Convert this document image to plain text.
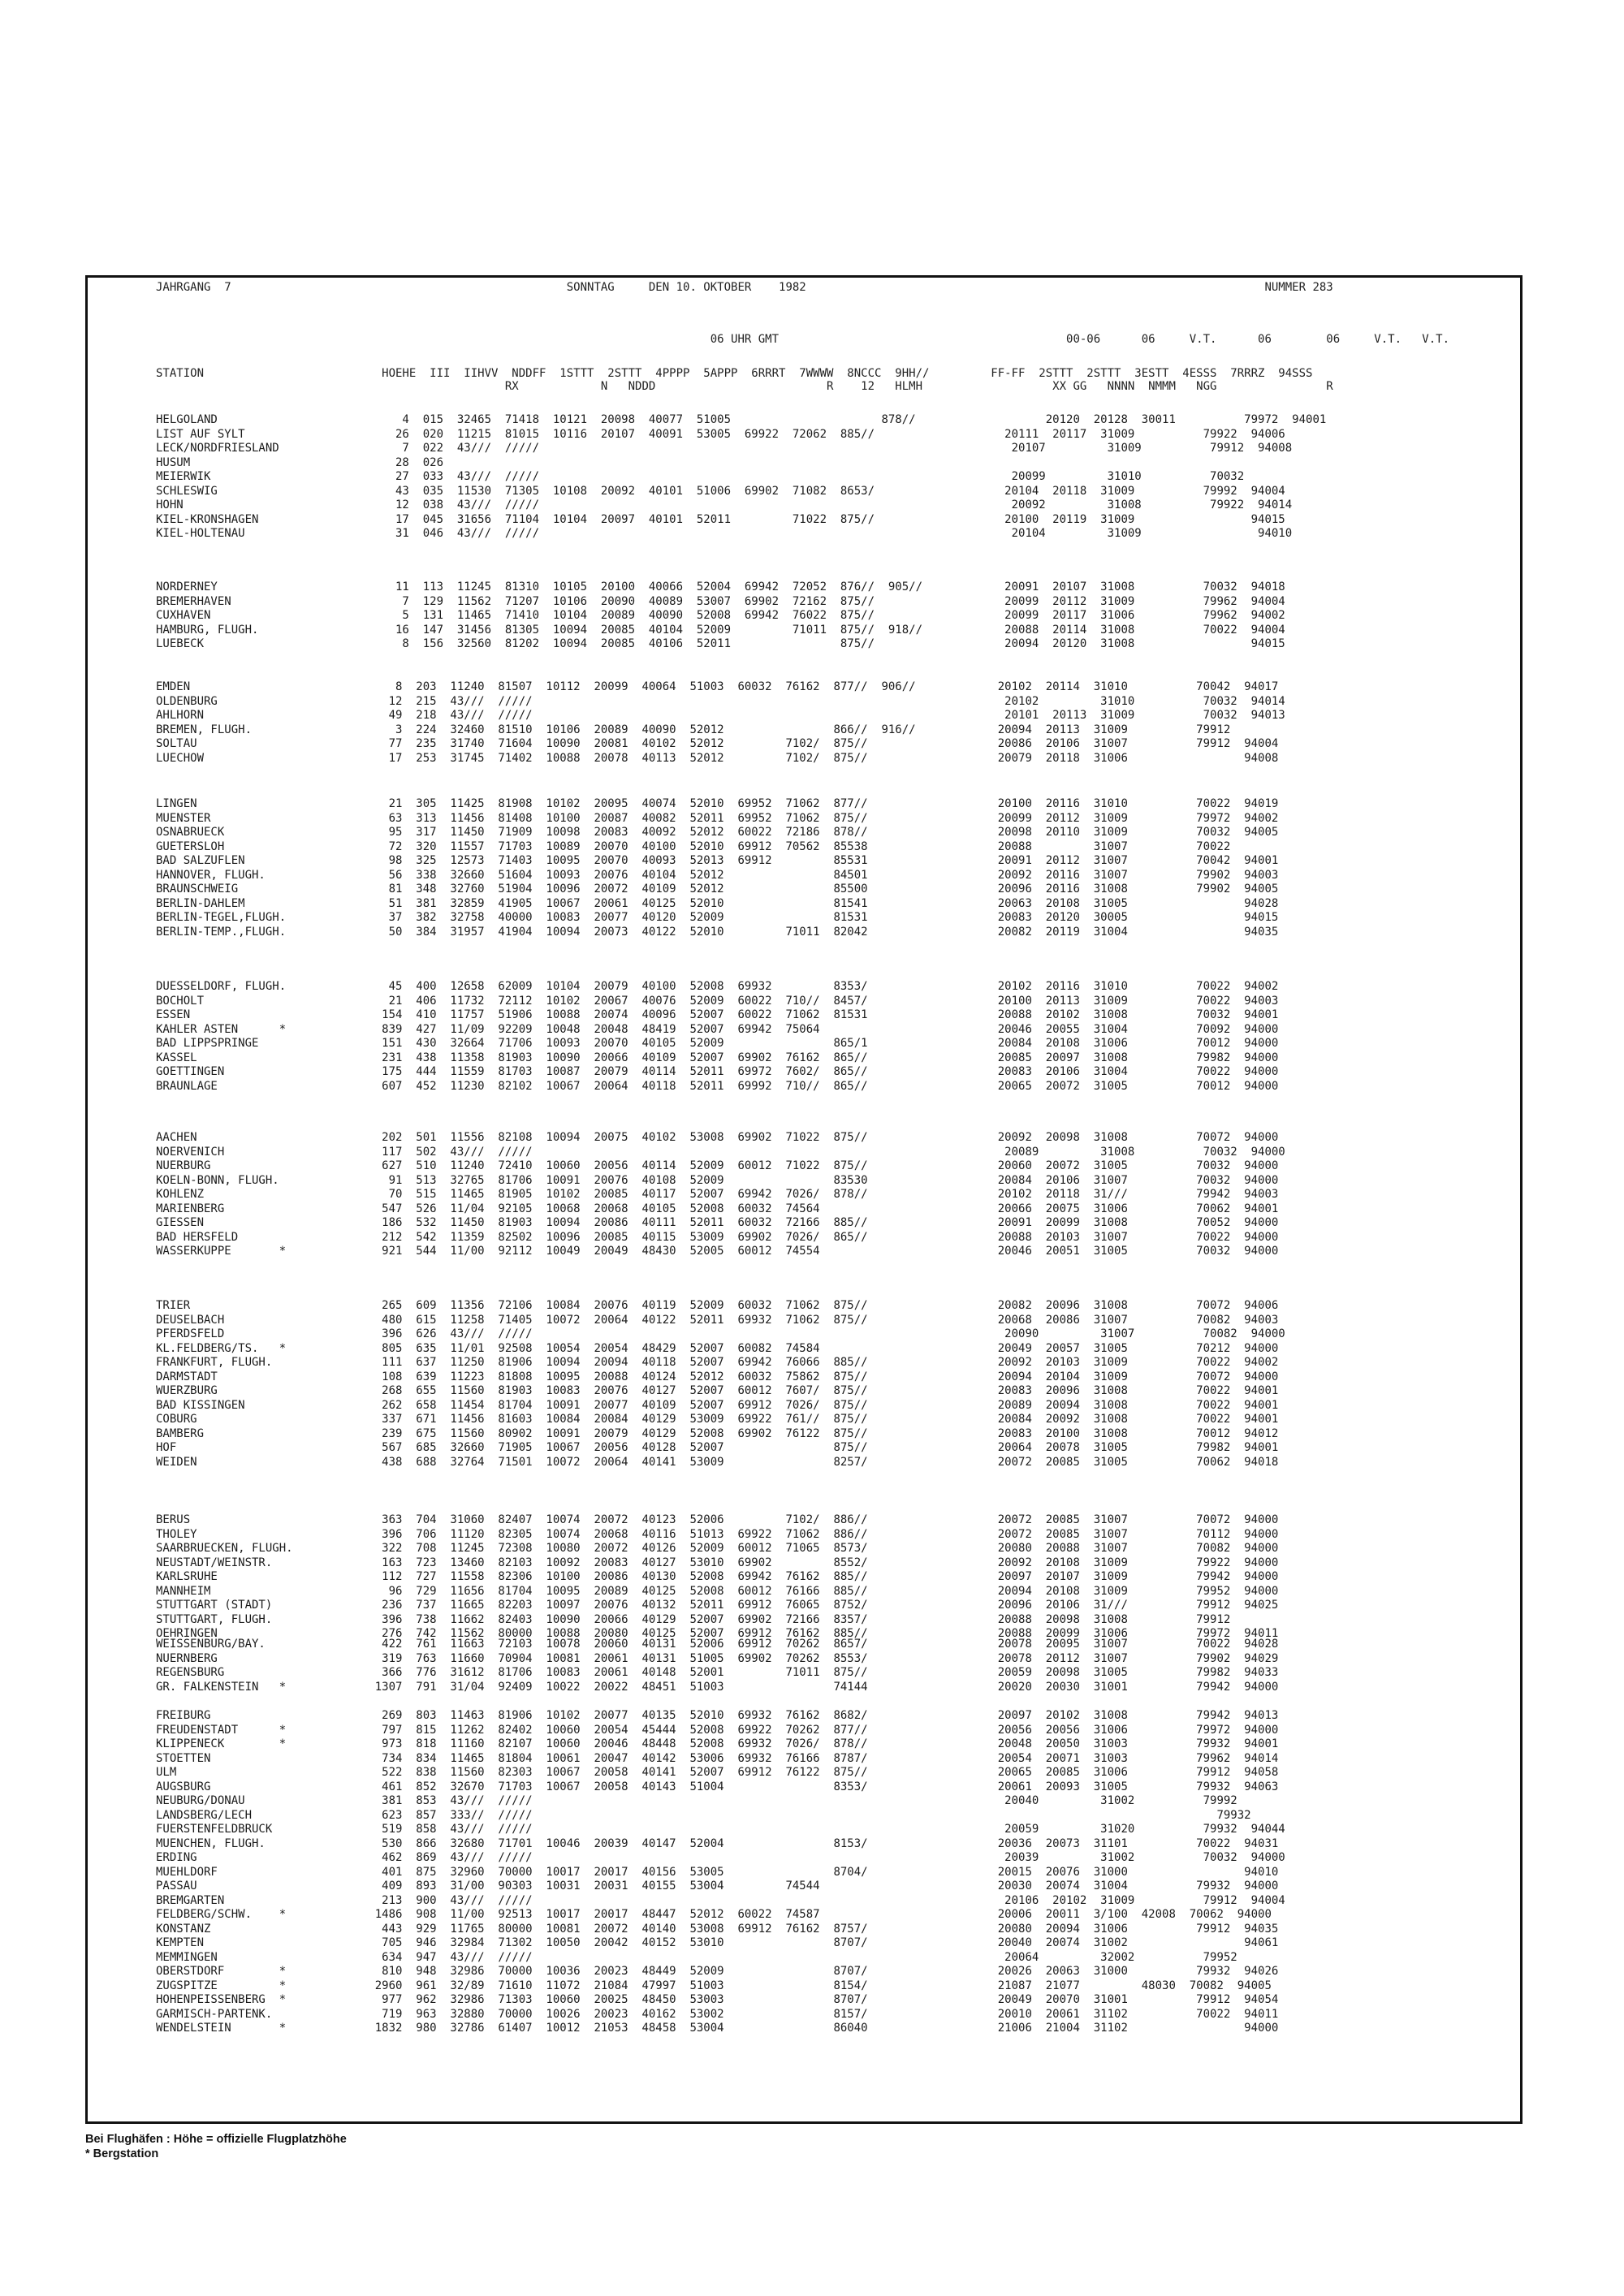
JAHRGANG  7                                                 SONNTAG     DEN 10. OKTOBER    1982                                                                   NUMMER 283
06 UHR GMT                                          00-06      06     V.T.      06        06     V.T.   V.T.
STATION                          HOEHE  III  IIHVV  NDDFF  1STTT  2STTT  4PPPP  5APPP  6RRRT  7WWWW  8NCCC  9HH//         FF-FF  2STTT  2STTT  3ESTT  4ESSS  7RRRZ  94SSS
RX            N   NDDD                         R    12   HLMH                   XX GG   NNNN  NMMM   NGG                R
HELGOLAND                           4  015  32465  71418  10121  20098  40077  51005                      878//                   20120  20128  30011          79972  94001
LIST AUF SYLT                      26  020  11215  81015  10116  20107  40091  53005  69922  72062  885//                   20111  20117  31009          79922  94006
LECK/NORDFRIESLAND                  7  022  43///  /////                                                                     20107         31009          79912  94008
HUSUM                              28  026
MEIERWIK                           27  033  43///  /////                                                                     20099         31010          70032
SCHLESWIG                          43  035  11530  71305  10108  20092  40101  51006  69902  71082  8653/                   20104  20118  31009          79992  94004
HOHN                               12  038  43///  /////                                                                     20092         31008          79922  94014
KIEL-KRONSHAGEN                    17  045  31656  71104  10104  20097  40101  52011         71022  875//                   20100  20119  31009                 94015
KIEL-HOLTENAU                      31  046  43///  /////                                                                     20104         31009                 94010
NORDERNEY                          11  113  11245  81310  10105  20100  40066  52004  69942  72052  876//  905//            20091  20107  31008          70032  94018
BREMERHAVEN                         7  129  11562  71207  10106  20090  40089  53007  69902  72162  875//                   20099  20112  31009          79962  94004
CUXHAVEN                            5  131  11465  71410  10104  20089  40090  52008  69942  76022  875//                   20099  20117  31006          79962  94002
HAMBURG, FLUGH.                    16  147  31456  81305  10094  20085  40104  52009         71011  875//  918//            20088  20114  31008          70022  94004
LUEBECK                             8  156  32560  81202  10094  20085  40106  52011                875//                   20094  20120  31008                 94015
EMDEN                              8  203  11240  81507  10112  20099  40064  51003  60032  76162  877//  906//            20102  20114  31010          70042  94017
OLDENBURG                         12  215  43///  /////                                                                     20102         31010          70032  94014
AHLHORN                           49  218  43///  /////                                                                     20101  20113  31009          70032  94013
BREMEN, FLUGH.                     3  224  32460  81510  10106  20089  40090  52012                866//  916//            20094  20113  31009          79912
SOLTAU                            77  235  31740  71604  10090  20081  40102  52012         7102/  875//                   20086  20106  31007          79912  94004
LUECHOW                           17  253  31745  71402  10088  20078  40113  52012         7102/  875//                   20079  20118  31006                 94008
LINGEN                            21  305  11425  81908  10102  20095  40074  52010  69952  71062  877//                   20100  20116  31010          70022  94019
MUENSTER                          63  313  11456  81408  10100  20087  40082  52011  69952  71062  875//                   20099  20112  31009          79972  94002
OSNABRUECK                        95  317  11450  71909  10098  20083  40092  52012  60022  72186  878//                   20098  20110  31009          70032  94005
GUETERSLOH                        72  320  11557  71703  10089  20070  40100  52010  69912  70562  85538                   20088         31007          70022
BAD SALZUFLEN                     98  325  12573  71403  10095  20070  40093  52013  69912         85531                   20091  20112  31007          70042  94001
HANNOVER, FLUGH.                  56  338  32660  51604  10093  20076  40104  52012                84501                   20092  20116  31007          79902  94003
BRAUNSCHWEIG                      81  348  32760  51904  10096  20072  40109  52012                85500                   20096  20116  31008          79902  94005
BERLIN-DAHLEM                     51  381  32859  41905  10067  20061  40125  52010                81541                   20063  20108  31005                 94028
BERLIN-TEGEL,FLUGH.               37  382  32758  40000  10083  20077  40120  52009                81531                   20083  20120  30005                 94015
BERLIN-TEMP.,FLUGH.               50  384  31957  41904  10094  20073  40122  52010         71011  82042                   20082  20119  31004                 94035
DUESSELDORF, FLUGH.               45  400  12658  62009  10104  20079  40100  52008  69932         8353/                   20102  20116  31010          70022  94002
BOCHOLT                           21  406  11732  72112  10102  20067  40076  52009  60022  710//  8457/                   20100  20113  31009          70022  94003
ESSEN                            154  410  11757  51906  10088  20074  40096  52007  60022  71062  81531                   20088  20102  31008          70032  94001
KAHLER ASTEN      *              839  427  11/09  92209  10048  20048  48419  52007  69942  75064                          20046  20055  31004          70092  94000
BAD LIPPSPRINGE                  151  430  32664  71706  10093  20070  40105  52009                865/1                   20084  20108  31006          70012  94000
KASSEL                           231  438  11358  81903  10090  20066  40109  52007  69902  76162  865//                   20085  20097  31008          79982  94000
GOETTINGEN                       175  444  11559  81703  10087  20079  40114  52011  69972  7602/  865//                   20083  20106  31004          70022  94000
BRAUNLAGE                        607  452  11230  82102  10067  20064  40118  52011  69992  710//  865//                   20065  20072  31005          70012  94000
AACHEN                           202  501  11556  82108  10094  20075  40102  53008  69902  71022  875//                   20092  20098  31008          70072  94000
NOERVENICH                       117  502  43///  /////                                                                     20089         31008          70032  94000
NUERBURG                         627  510  11240  72410  10060  20056  40114  52009  60012  71022  875//                   20060  20072  31005          70032  94000
KOELN-BONN, FLUGH.                91  513  32765  81706  10091  20076  40108  52009                83530                   20084  20106  31007          70032  94000
KOHLENZ                           70  515  11465  81905  10102  20085  40117  52007  69942  7026/  878//                   20102  20118  31///          79942  94003
MARIENBERG                       547  526  11/04  92105  10068  20068  40105  52008  60032  74564                          20066  20075  31006          70062  94001
GIESSEN                          186  532  11450  81903  10094  20086  40111  52011  60032  72166  885//                   20091  20099  31008          70052  94000
BAD HERSFELD                     212  542  11359  82502  10096  20085  40115  53009  69902  7026/  865//                   20088  20103  31007          70022  94000
WASSERKUPPE       *              921  544  11/00  92112  10049  20049  48430  52005  60012  74554                          20046  20051  31005          70032  94000
TRIER                            265  609  11356  72106  10084  20076  40119  52009  60032  71062  875//                   20082  20096  31008          70072  94006
DEUSELBACH                       480  615  11258  71405  10072  20064  40122  52011  69932  71062  875//                   20068  20086  31007          70082  94003
PFERDSFELD                       396  626  43///  /////                                                                     20090         31007          70082  94000
KL.FELDBERG/TS.   *              805  635  11/01  92508  10054  20054  48429  52007  60082  74584                          20049  20057  31005          70212  94000
FRANKFURT, FLUGH.                111  637  11250  81906  10094  20094  40118  52007  69942  76066  885//                   20092  20103  31009          70022  94002
DARMSTADT                        108  639  11223  81808  10095  20088  40124  52012  60032  75862  875//                   20094  20104  31009          70072  94000
WUERZBURG                        268  655  11560  81903  10083  20076  40127  52007  60012  7607/  875//                   20083  20096  31008          70022  94001
BAD KISSINGEN                    262  658  11454  81704  10091  20077  40109  52007  69912  7026/  875//                   20089  20094  31008          70022  94001
COBURG                           337  671  11456  81603  10084  20084  40129  53009  69922  761//  875//                   20084  20092  31008          70022  94001
BAMBERG                          239  675  11560  80902  10091  20079  40129  52008  69902  76122  875//                   20083  20100  31008          70012  94012
HOF                              567  685  32660  71905  10067  20056  40128  52007                875//                   20064  20078  31005          79982  94001
WEIDEN                           438  688  32764  71501  10072  20064  40141  53009                8257/                   20072  20085  31005          70062  94018
BERUS                            363  704  31060  82407  10074  20072  40123  52006         7102/  886//                   20072  20085  31007          70072  94000
THOLEY                           396  706  11120  82305  10074  20068  40116  51013  69922  71062  886//                   20072  20085  31007          70112  94000
SAARBRUECKEN, FLUGH.             322  708  11245  72308  10080  20072  40126  52009  60012  71065  8573/                   20080  20088  31007          70082  94000
NEUSTADT/WEINSTR.                163  723  13460  82103  10092  20083  40127  53010  69902         8552/                   20092  20108  31009          79922  94000
KARLSRUHE                        112  727  11558  82306  10100  20086  40130  52008  69942  76162  885//                   20097  20107  31009          79942  94000
MANNHEIM                          96  729  11656  81704  10095  20089  40125  52008  60012  76166  885//                   20094  20108  31009          79952  94000
STUTTGART (STADT)                236  737  11665  82203  10097  20076  40132  52011  69912  76065  8752/                   20096  20106  31///          79912  94025
STUTTGART, FLUGH.                396  738  11662  82403  10090  20066  40129  52007  69902  72166  8357/                   20088  20098  31008          79912
OEHRINGEN                        276  742  11562  80000  10088  20080  40125  52007  69912  76162  885//                   20088  20099  31006          79972  94011
WEISSENBURG/BAY.                 422  761  11663  72103  10078  20060  40131  52006  69912  70262  8657/                   20078  20095  31007          70022  94028
NUERNBERG                        319  763  11660  70904  10081  20061  40131  51005  69902  70262  8553/                   20078  20112  31007          79902  94029
REGENSBURG                       366  776  31612  81706  10083  20061  40148  52001         71011  875//                   20059  20098  31005          79982  94033
GR. FALKENSTEIN   *             1307  791  31/04  92409  10022  20022  48451  51003                74144                   20020  20030  31001          79942  94000
FREIBURG                         269  803  11463  81906  10102  20077  40135  52010  69932  76162  8682/                   20097  20102  31008          79942  94013
FREUDENSTADT      *              797  815  11262  82402  10060  20054  45444  52008  69922  70262  877//                   20056  20056  31006          79972  94000
KLIPPENECK        *              973  818  11160  82107  10060  20046  48448  52008  69932  7026/  878//                   20048  20050  31003          79932  94001
STOETTEN                         734  834  11465  81804  10061  20047  40142  53006  69932  76166  8787/                   20054  20071  31003          79962  94014
ULM                              522  838  11560  82303  10067  20058  40141  52007  69912  76122  875//                   20065  20085  31006          79912  94058
AUGSBURG                         461  852  32670  71703  10067  20058  40143  51004                8353/                   20061  20093  31005          79932  94063
NEUBURG/DONAU                    381  853  43///  /////                                                                     20040         31002          79992
LANDSBERG/LECH                   623  857  333//  /////                                                                                                    79932
FUERSTENFELDBRUCK                519  858  43///  /////                                                                     20059         31020          79932  94044
MUENCHEN, FLUGH.                 530  866  32680  71701  10046  20039  40147  52004                8153/                   20036  20073  31101          70022  94031
ERDING                           462  869  43///  /////                                                                     20039         31002          70032  94000
MUEHLDORF                        401  875  32960  70000  10017  20017  40156  53005                8704/                   20015  20076  31000                 94010
PASSAU                           409  893  31/00  90303  10031  20031  40155  53004         74544                          20030  20074  31004          79932  94000
BREMGARTEN                       213  900  43///  /////                                                                     20106  20102  31009          79912  94004
FELDBERG/SCHW.    *             1486  908  11/00  92513  10017  20017  48447  52012  60022  74587                          20006  20011  3/100  42008  70062  94000
KONSTANZ                         443  929  11765  80000  10081  20072  40140  53008  69912  76162  8757/                   20080  20094  31006          79912  94035
KEMPTEN                          705  946  32984  71302  10050  20042  40152  53010                8707/                   20040  20074  31002                 94061
MEMMINGEN                        634  947  43///  /////                                                                     20064         32002          79952
OBERSTDORF        *              810  948  32986  70000  10036  20023  48449  52009                8707/                   20026  20063  31000          79932  94026
ZUGSPITZE         *             2960  961  32/89  71610  11072  21084  47997  51003                8154/                   21087  21077         48030  70082  94005
HOHENPEISSENBERG  *              977  962  32986  71303  10060  20025  48450  53003                8707/                   20049  20070  31001          79912  94054
GARMISCH-PARTENK.                719  963  32880  70000  10026  20023  40162  53002                8157/                   20010  20061  31102          70022  94011
WENDELSTEIN       *             1832  980  32786  61407  10012  21053  48458  53004                86040                   21006  21004  31102                 94000
Bei Flughäfen : Höhe = offizielle Flugplatzhöhe
* Bergstation
